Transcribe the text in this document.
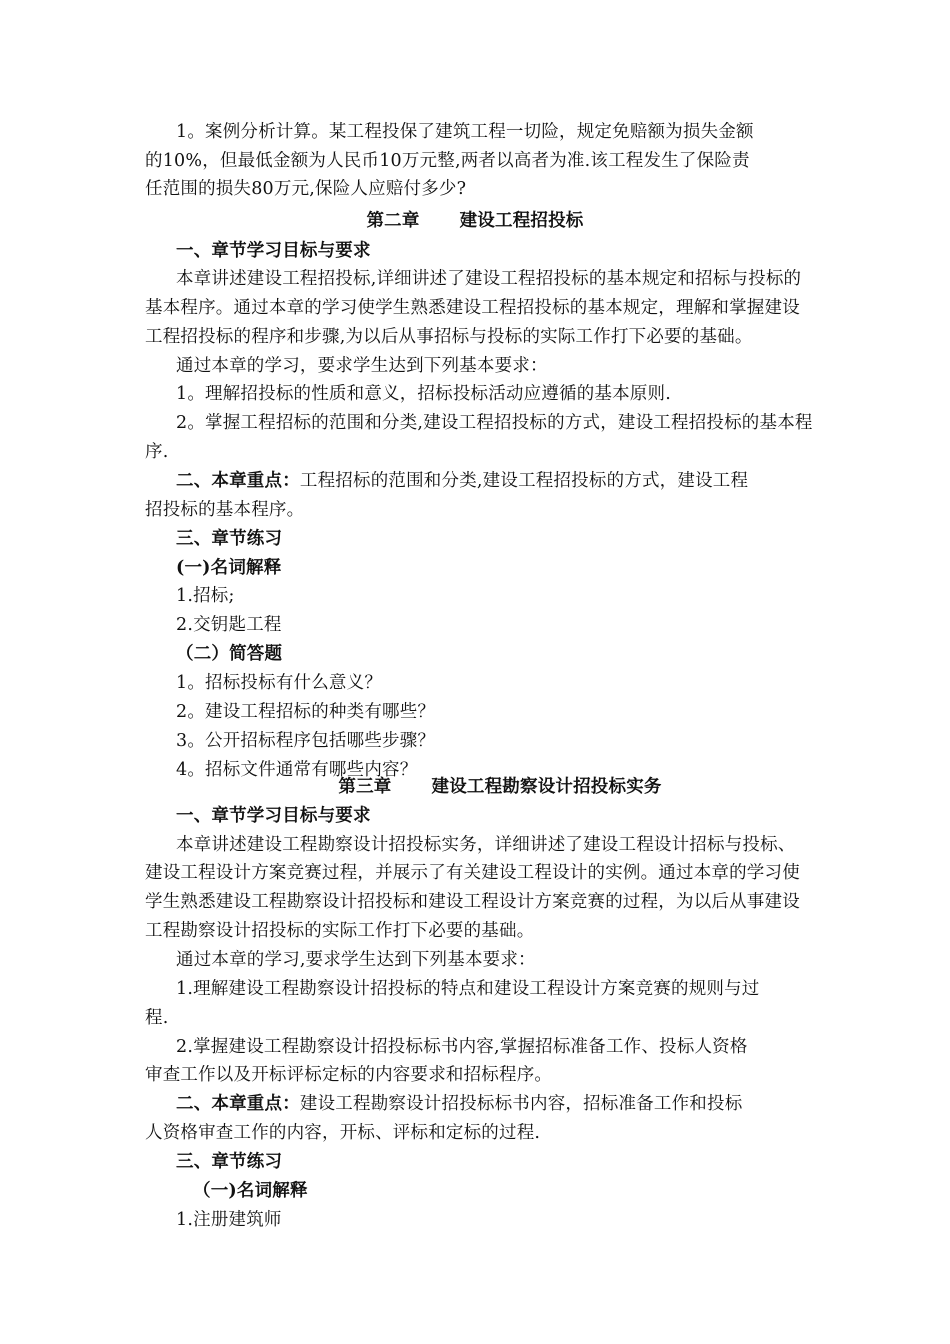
1。案例分析计算。某工程投保了建筑工程一切险，规定免赔额为损失金额
的10%，但最低金额为人民币10万元整,两者以高者为准.该工程发生了保险责
任范围的损失80万元,保险人应赔付多少?
第二章 建设工程招投标
一、章节学习目标与要求
本章讲述建设工程招投标,详细讲述了建设工程招投标的基本规定和招标与投标的
基本程序。通过本章的学习使学生熟悉建设工程招投标的基本规定，理解和掌握建设
工程招投标的程序和步骤,为以后从事招标与投标的实际工作打下必要的基础。
通过本章的学习，要求学生达到下列基本要求：
1。理解招投标的性质和意义，招标投标活动应遵循的基本原则.
2。掌握工程招标的范围和分类,建设工程招投标的方式，建设工程招投标的基本程
序.
二、本章重点：工程招标的范围和分类,建设工程招投标的方式，建设工程
招投标的基本程序。
三、章节练习
(一)名词解释
1.招标;
2.交钥匙工程
（二）简答题
1。招标投标有什么意义？
2。建设工程招标的种类有哪些？
3。公开招标程序包括哪些步骤？
4。招标文件通常有哪些内容？
第三章 建设工程勘察设计招投标实务
一、章节学习目标与要求
本章讲述建设工程勘察设计招投标实务，详细讲述了建设工程设计招标与投标、
建设工程设计方案竞赛过程，并展示了有关建设工程设计的实例。通过本章的学习使
学生熟悉建设工程勘察设计招投标和建设工程设计方案竞赛的过程，为以后从事建设
工程勘察设计招投标的实际工作打下必要的基础。
通过本章的学习,要求学生达到下列基本要求：
1.理解建设工程勘察设计招投标的特点和建设工程设计方案竞赛的规则与过
程.
2.掌握建设工程勘察设计招投标标书内容,掌握招标准备工作、投标人资格
审查工作以及开标评标定标的内容要求和招标程序。
二、本章重点：建设工程勘察设计招投标标书内容，招标准备工作和投标
人资格审查工作的内容，开标、评标和定标的过程.
三、章节练习
（一)名词解释
1.注册建筑师
